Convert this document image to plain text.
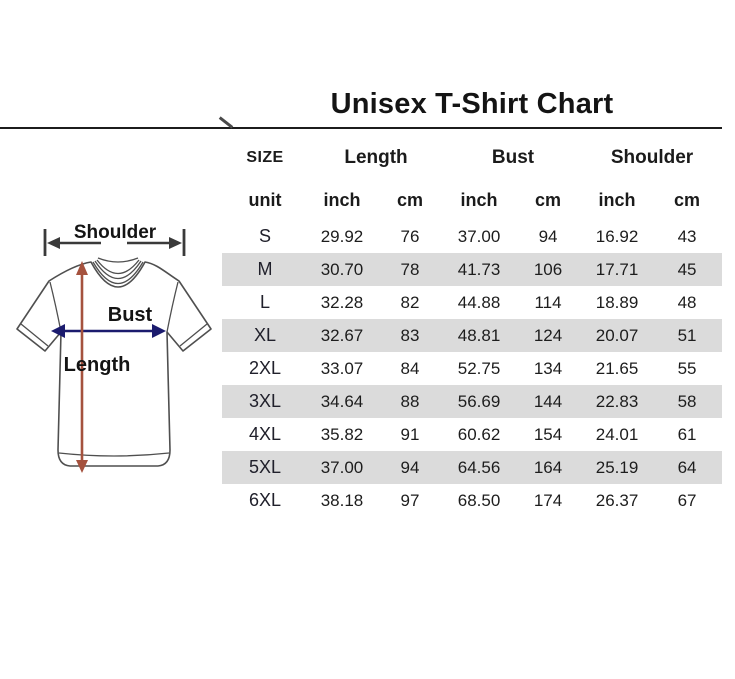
Unisex T-Shirt Chart
Shoulder
Bust
Length
SIZE	Length		Bust		Shoulder	
unit	inch	cm	inch	cm	inch	cm
S	29.92	76	37.00	94	16.92	43
M	30.70	78	41.73	106	17.71	45
L	32.28	82	44.88	114	18.89	48
XL	32.67	83	48.81	124	20.07	51
2XL	33.07	84	52.75	134	21.65	55
3XL	34.64	88	56.69	144	22.83	58
4XL	35.82	91	60.62	154	24.01	61
5XL	37.00	94	64.56	164	25.19	64
6XL	38.18	97	68.50	174	26.37	67
